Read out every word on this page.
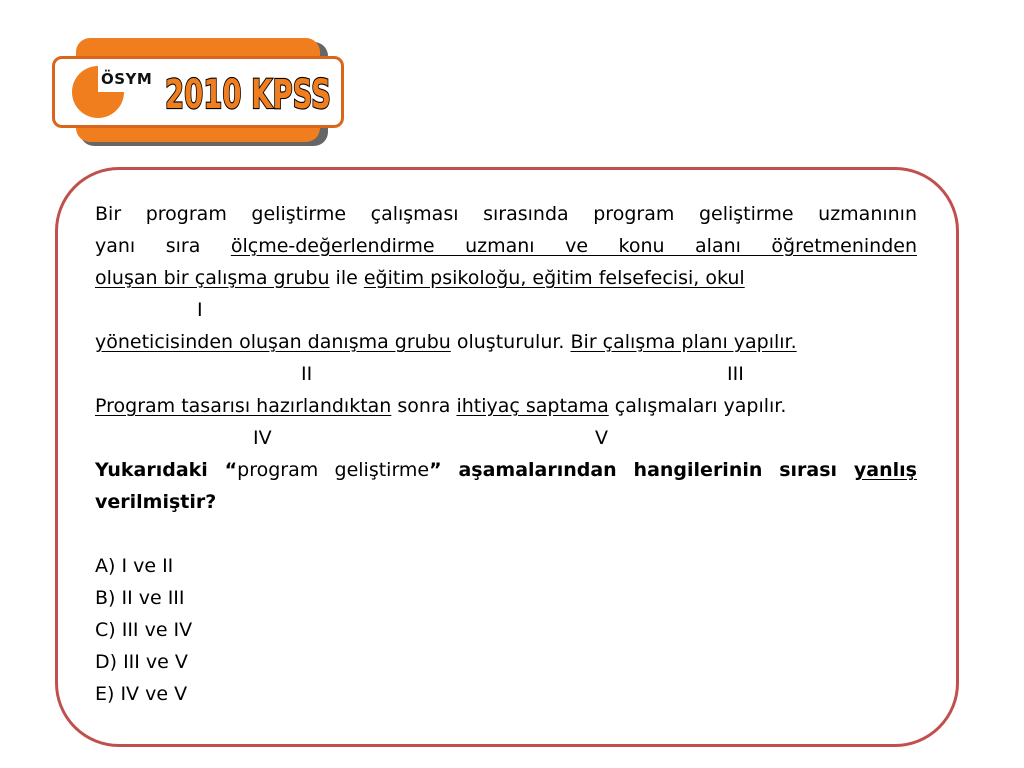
ÖSYM 2010 KPSS
Bir program geliştirme çalışması sırasında program geliştirme uzmanının
yanı sıra ölçme-değerlendirme uzmanı ve konu alanı öğretmeninden
oluşan bir çalışma grubu ile eğitim psikoloğu, eğitim felsefecisi, okul
I
yöneticisinden oluşan danışma grubu oluşturulur. Bir çalışma planı yapılır.
II	III
Program tasarısı hazırlandıktan sonra ihtiyaç saptama çalışmaları yapılır.
IV	V
Yukarıdaki “program geliştirme” aşamalarından hangilerinin sırası yanlış
verilmiştir?
A) I ve II
B) II ve III
C) III ve IV
D) III ve V
E) IV ve V
